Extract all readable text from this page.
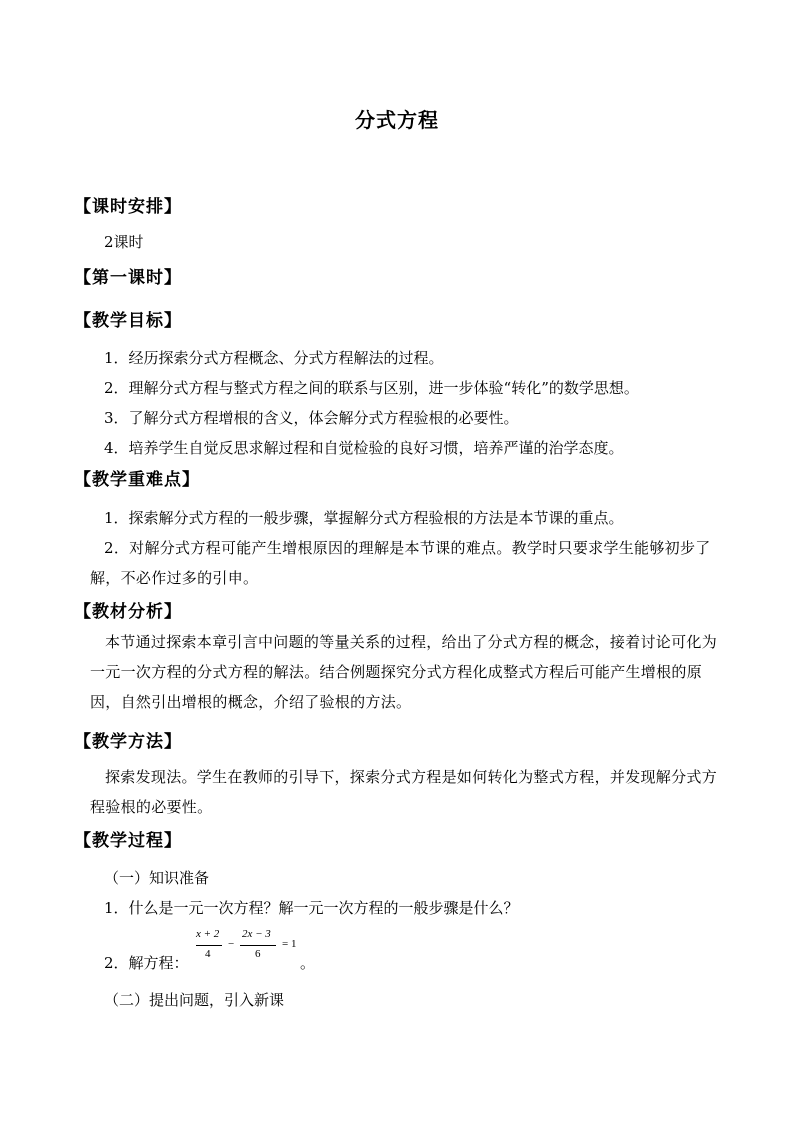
分式方程
【课时安排】
2课时
【第一课时】
【教学目标】
1．经历探索分式方程概念、分式方程解法的过程。
2．理解分式方程与整式方程之间的联系与区别，进一步体验“转化”的数学思想。
3．了解分式方程增根的含义，体会解分式方程验根的必要性。
4．培养学生自觉反思求解过程和自觉检验的良好习惯，培养严谨的治学态度。
【教学重难点】
1．探索解分式方程的一般步骤，掌握解分式方程验根的方法是本节课的重点。
2．对解分式方程可能产生增根原因的理解是本节课的难点。教学时只要求学生能够初步了解，不必作过多的引申。
【教材分析】
本节通过探索本章引言中问题的等量关系的过程，给出了分式方程的概念，接着讨论可化为一元一次方程的分式方程的解法。结合例题探究分式方程化成整式方程后可能产生增根的原因，自然引出增根的概念，介绍了验根的方法。
【教学方法】
探索发现法。学生在教师的引导下，探索分式方程是如何转化为整式方程，并发现解分式方程验根的必要性。
【教学过程】
（一）知识准备
1．什么是一元一次方程？解一元一次方程的一般步骤是什么？
2．解方程：
x + 2
4
−
2x − 3
6
= 1
。
（二）提出问题，引入新课
